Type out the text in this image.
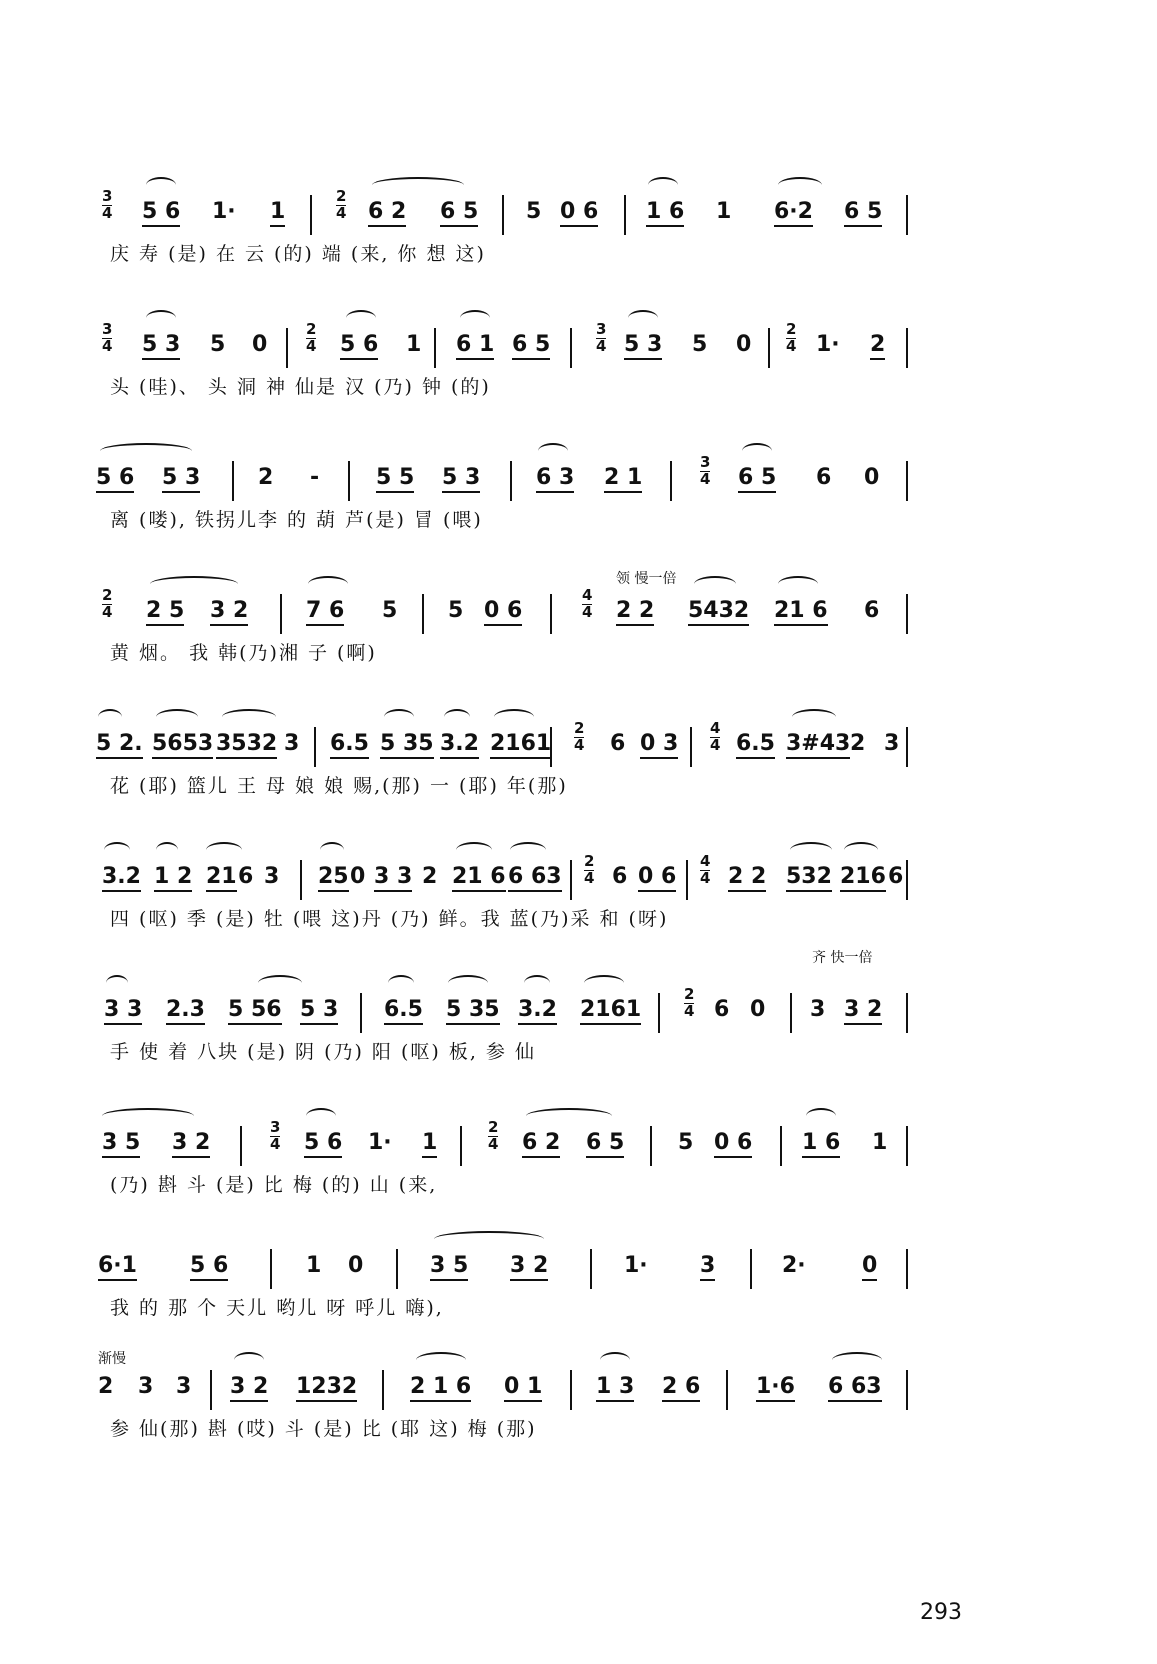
3
4 5 6 1· 1
2
4 6 2 6 5 5 0 6 1 6 1 6·2 6 5
庆 寿 (是) 在 云 (的) 端 (来, 你 想 这)
3
4 5 3 5 0
2
4 5 6 1 6 1 6 5
3
4 5 3 5 0
2
4 1· 2
头 (哇)、 头 洞 神 仙是 汉 (乃) 钟 (的)
5 6 5 3	2 -	5 5 5 3	6 3 2 1
3
4 6 5 6 0
离 (喽), 铁拐儿李 的 葫 芦(是) 冒 (喂)
领 慢一倍
2
4 2 5 3 2	7 6 5 5 0 6
4
4 2 2 5432 21 6 6
黄 烟。 我 韩(乃)湘 子 (啊)
5 2. 5653 3532 3 6.5 5 35 3.2 2161
2
4 6 0 3
4
4 6.5 3#43 2 3
花 (耶) 篮儿 王 母 娘 娘 赐,(那) 一 (耶) 年(那)
3.2 1 2 21 6 3 25 0 3 3 2 21 6 6 63
2
4 6 0 6
4
4 2 2 532 216 6
四 (呕) 季 (是) 牡 (喂 这)丹 (乃) 鲜。我 蓝(乃)采 和 (呀)
齐 快一倍
3 3 2.3 5 56 5 3 6.5 5 35 3.2 2161
2
4 6 0 3 3 2
手 使 着 八块 (是) 阴 (乃) 阳 (呕) 板, 参 仙
3 5 3 2
3
4 5 6 1· 1
2
4 6 2 6 5 5 0 6 1 6 1
(乃) 斟 斗 (是) 比 梅 (的) 山 (来,
6·1 5 6	1 0	3 5 3 2	1· 3	2·	0
我 的 那 个 天儿 哟儿 呀 呼儿 嗨),
渐慢
2 3 3 3 2 1232 2 1 6 0 1 1 3 2 6	1·6 6 63
参 仙(那) 斟 (哎) 斗 (是) 比 (耶 这) 梅 (那)
293
